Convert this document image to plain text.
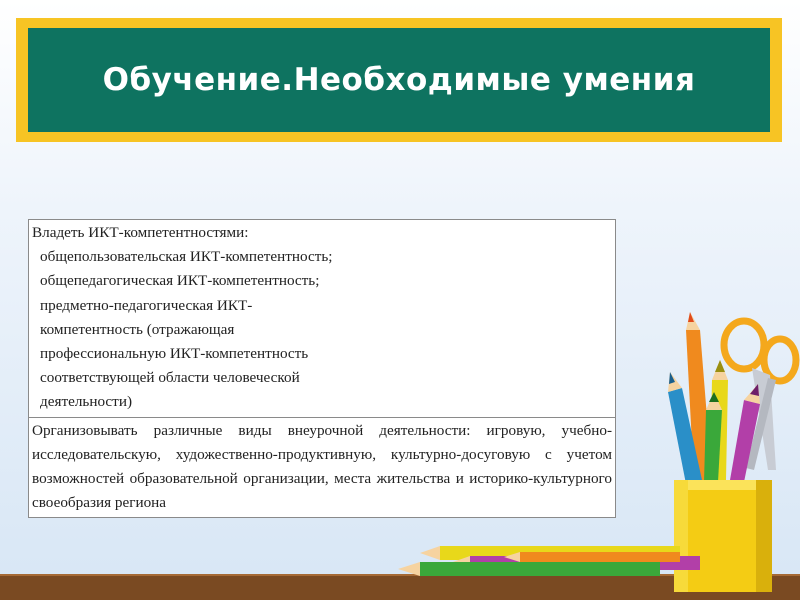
Обучение.Необходимые умения
Владеть ИКТ-компетентностями:
общепользовательская ИКТ-компетентность;
общепедагогическая ИКТ-компетентность;
предметно-педагогическая ИКТ-
компетентность (отражающая
профессиональную ИКТ-компетентность
соответствующей области человеческой
деятельности)

Организовывать различные виды внеурочной деятельности: игровую, учебно-исследовательскую, художественно-продуктивную, культурно-досуговую с учетом возможностей образовательной организации, места жительства и историко-культурного своеобразия региона
